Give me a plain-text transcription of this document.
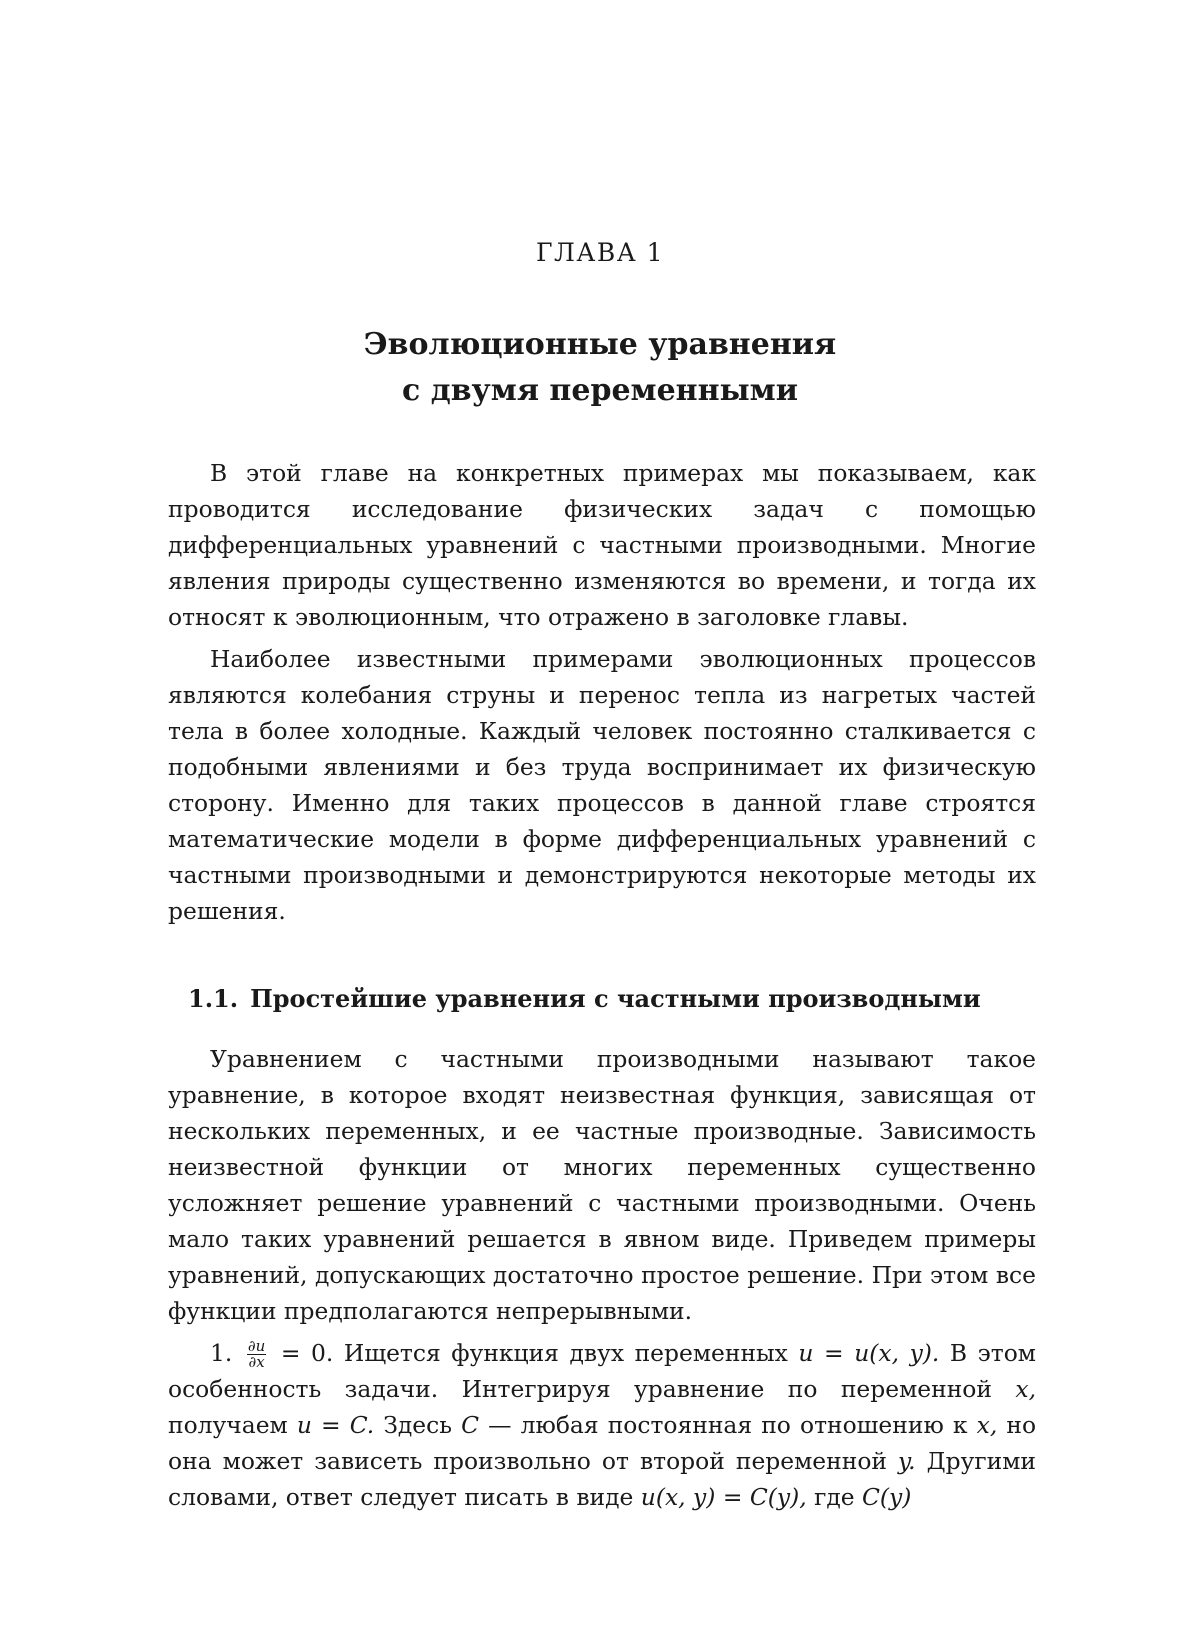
ГЛАВА 1
Эволюционные уравнения
с двумя переменными

В этой главе на конкретных примерах мы показываем, как проводится исследование физических задач с помощью дифференциальных уравнений с частными производными. Многие явления природы существенно изменяются во времени, и тогда их относят к эволюционным, что отражено в заголовке главы.

Наиболее известными примерами эволюционных процессов являются колебания струны и перенос тепла из нагретых частей тела в более холодные. Каждый человек постоянно сталкивается с подобными явлениями и без труда воспринимает их физическую сторону. Именно для таких процессов в данной главе строятся математические модели в форме дифференциальных уравнений с частными производными и демонстрируются некоторые методы их решения.

1.1. Простейшие уравнения с частными производными

Уравнением с частными производными называют такое уравнение, в которое входят неизвестная функция, зависящая от нескольких переменных, и ее частные производные. Зависимость неизвестной функции от многих переменных существенно усложняет решение уравнений с частными производными. Очень мало таких уравнений решается в явном виде. Приведем примеры уравнений, допускающих достаточно простое решение. При этом все функции предполагаются непрерывными.

1. $\frac{\partial u}{\partial x} = 0$. Ищется функция двух переменных u = u(x, y). В этом особенность задачи. Интегрируя уравнение по переменной x, получаем u = C. Здесь C — любая постоянная по отношению к x, но она может зависеть произвольно от второй переменной y. Другими словами, ответ следует писать в виде u(x, y) = C(y), где C(y)
